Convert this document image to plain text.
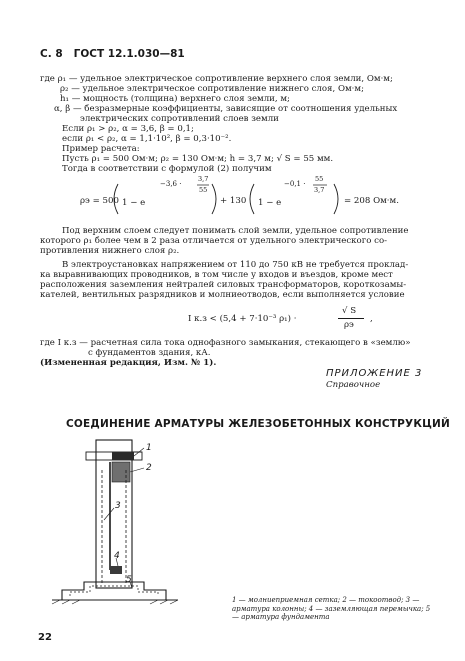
С. 8 ГОСТ 12.1.030—81
где ρ₁ — удельное электрическое сопротивление верхнего слоя земли, Ом·м;
ρ₂ — удельное электрическое сопротивление нижнего слоя, Ом·м;
h₁ — мощность (толщина) верхнего слоя земли, м;
α, β — безразмерные коэффициенты, зависящие от соотношения удельных
электрических сопротивлений слоев земли
Если ρ₁ > ρ₂, α = 3,6, β = 0,1;
если ρ₁ < ρ₂, α = 1,1·10², β = 0,3·10⁻².
Пример расчета:
Пусть ρ₁ = 500 Ом·м; ρ₂ = 130 Ом·м; h = 3,7 м; √ S = 55 мм.
Тогда в соответствии с формулой (2) получим
ρэ = 500 1 − e
−3,6 ·
3,7
55
+ 130 1 − e
−0,1 ·
55
3,7
= 208 Ом·м.
Под верхним слоем следует понимать слой земли, удельное сопротивление
которого ρ₁ более чем в 2 раза отличается от удельного электрического со-
противления нижнего слоя ρ₂.
В электроустановках напряжением от 110 до 750 кВ не требуется проклад-
ка выравнивающих проводников, в том числе у входов и въездов, кроме мест
расположения заземления нейтралей силовых трансформаторов, короткозамы-
кателей, вентильных разрядников и молниеотводов, если выполняется условие
I к.з < (5,4 + 7·10⁻³ ρ₁) ·
√ S
ρэ
,
где I к.з — расчетная сила тока однофазного замыкания, стекающего в «землю»
с фундаментов здания, кА.
(Измененная редакция, Изм. № 1).
ПРИЛОЖЕНИЕ 3
Справочное
СОЕДИНЕНИЕ АРМАТУРЫ ЖЕЛЕЗОБЕТОННЫХ КОНСТРУКЦИЙ
1
2
3
4
5
1 — молниеприемная сетка; 2 — токоотвод; 3 — арматура колонны; 4 — заземляющая перемычка; 5 — арматура фундамента
22
